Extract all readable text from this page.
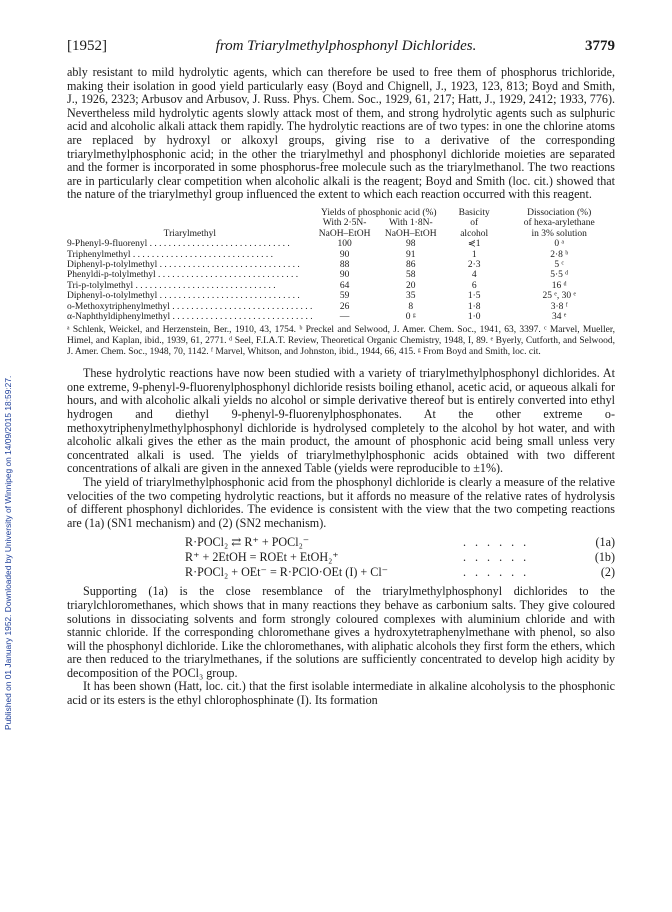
Published on 01 January 1952. Downloaded by University of Winnipeg on 14/09/2015 18:59:27.
[1952]	from Triarylmethylphosphonyl Dichlorides.	3779

ably resistant to mild hydrolytic agents, which can therefore be used to free them of phosphorus trichloride, making their isolation in good yield particularly easy (Boyd and Chignell, J., 1923, 123, 813; Boyd and Smith, J., 1926, 2323; Arbusov and Arbusov, J. Russ. Phys. Chem. Soc., 1929, 61, 217; Hatt, J., 1929, 2412; 1933, 776). Nevertheless mild hydrolytic agents slowly attack most of them, and strong hydrolytic agents such as sulphuric acid and alcoholic alkali attack them rapidly. The hydrolytic reactions are of two types: in one the chlorine atoms are replaced by hydroxyl or alkoxyl groups, giving rise to a derivative of the corresponding triarylmethylphosphonic acid; in the other the triarylmethyl and phosphonyl dichloride moieties are separated and the former is incorporated in some phosphorus-free molecule such as the triarylmethanol. The two reactions are in particularly clear competition when alcoholic alkali is the reagent; Boyd and Smith (loc. cit.) showed that the nature of the triarylmethyl group influenced the extent to which each reaction occurred with this reagent.

	Yields of phosphonic acid (%)		Basicity	Dissociation (%)
	With 2·5N-	With 1·8N-	of	of hexa-arylethane
Triarylmethyl	NaOH–EtOH	NaOH–EtOH	alcohol	in 3% solution
9-Phenyl-9-fluorenyl . . . . . . . . . . . . . . . . . . . . . . . . . . . . . .	100	98	⋞1	0 ᵃ
Triphenylmethyl . . . . . . . . . . . . . . . . . . . . . . . . . . . . . .	90	91	1	2·8 ᵇ
Diphenyl-p-tolylmethyl . . . . . . . . . . . . . . . . . . . . . . . . . . . . . .	88	86	2·3	5 ᶜ
Phenyldi-p-tolylmethyl . . . . . . . . . . . . . . . . . . . . . . . . . . . . . .	90	58	4	5·5 ᵈ
Tri-p-tolylmethyl . . . . . . . . . . . . . . . . . . . . . . . . . . . . . .	64	20	6	16 ᵈ
Diphenyl-o-tolylmethyl . . . . . . . . . . . . . . . . . . . . . . . . . . . . . .	59	35	1·5	25 ᵉ, 30 ᵉ
o-Methoxytriphenylmethyl . . . . . . . . . . . . . . . . . . . . . . . . . . . . . .	26	8	1·8	3·8 ᶠ
α-Naphthyldiphenylmethyl . . . . . . . . . . . . . . . . . . . . . . . . . . . . . .	—	0 ᵍ	1·0	34 ᵉ
ᵃ Schlenk, Weickel, and Herzenstein, Ber., 1910, 43, 1754. ᵇ Preckel and Selwood, J. Amer. Chem. Soc., 1941, 63, 3397. ᶜ Marvel, Mueller, Himel, and Kaplan, ibid., 1939, 61, 2771. ᵈ Seel, F.I.A.T. Review, Theoretical Organic Chemistry, 1948, I, 89. ᵉ Byerly, Cutforth, and Selwood, J. Amer. Chem. Soc., 1948, 70, 1142. ᶠ Marvel, Whitson, and Johnston, ibid., 1944, 66, 415. ᵍ From Boyd and Smith, loc. cit.

These hydrolytic reactions have now been studied with a variety of triarylmethylphosphonyl dichlorides. At one extreme, 9-phenyl-9-fluorenylphosphonyl dichloride resists boiling ethanol, acetic acid, or aqueous alkali for hours, and with alcoholic alkali yields no alcohol or simple derivative thereof but is entirely converted into ethyl hydrogen and diethyl 9-phenyl-9-fluorenylphosphonates. At the other extreme o-methoxytriphenylmethylphosphonyl dichloride is hydrolysed completely to the alcohol by hot water, and with alcoholic alkali gives the ether as the main product, the amount of phosphonic acid being small unless very concentrated alkali is used. The yields of triarylmethylphosphonic acids obtained with two different concentrations of alkali are given in the annexed Table (yields were reproducible to ±1%).

The yield of triarylmethylphosphonic acid from the phosphonyl dichloride is clearly a measure of the relative velocities of the two competing hydrolytic reactions, but it affords no measure of the relative rates of hydrolysis of different phosphonyl dichlorides. The evidence is consistent with the view that the two competing reactions are (1a) (SN1 mechanism) and (2) (SN2 mechanism).

R·POCl₂ ⇄ R⁺ + POCl₂⁻	......	(1a)
R⁺ + 2EtOH = ROEt + EtOH₂⁺	......	(1b)
R·POCl₂ + OEt⁻ = R·PClO·OEt (I) + Cl⁻	......	(2)

Supporting (1a) is the close resemblance of the triarylmethylphosphonyl dichlorides to the triarylchloromethanes, which shows that in many reactions they behave as carbonium salts. They give coloured solutions in dissociating solvents and form strongly coloured complexes with aluminium chloride and with stannic chloride. If the corresponding chloromethane gives a hydroxytetraphenylmethane with phenol, so also will the phosphonyl dichloride. Like the chloromethanes, with aliphatic alcohols they first form the ethers, which are then reduced to the triarylmethanes, if the solutions are sufficiently concentrated to develop high acidity by decomposition of the POCl₃ group.

It has been shown (Hatt, loc. cit.) that the first isolable intermediate in alkaline alcoholysis to the phosphonic acid or its esters is the ethyl chlorophosphinate (I). Its formation
